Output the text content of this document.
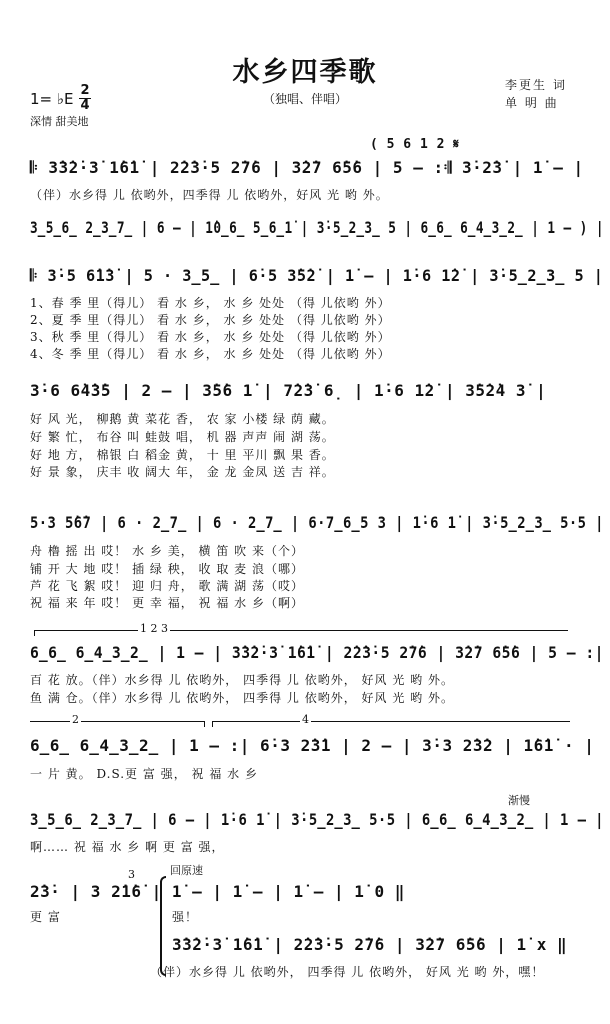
水乡四季歌
（独唱、伴唱）
李更生 词
单 明 曲
1= ♭E 2
4
深情 甜美地
( 5 6 1 2 𝄋
𝄆 3̇3̇2̇·3̇ 1̇6̇1̇ | 2̇2̇3̇·5 2̇7̇6 | 3̇2̇7 6̇5̇6 | 5 – :𝄇 3̇·2̇3̇ | 1̇ – |
（伴）水乡得 儿 依哟外，四季得 儿 依哟外，好风 光 哟 外。
3̲5̲6̲ 2̲3̲7̲ | 6 – | 1̇0̲6̲ 5̲6̲1̇ | 3̇·5̲2̲3̲ 5 | 6̲6̲ 6̲4̲3̲2̲ | 1 – ) |
𝄆 3̇·5 6̇1̇3̇ | 5 · 3̲5̲ | 6̇·5 3̇5̇2̇ | 1̇ – | 1̇·6 1̇2̇ | 3̇·5̲2̲3̲ 5 |
1、春 季 里（得儿） 看 水 乡， 水 乡 处处 （得 儿依哟 外）
2、夏 季 里（得儿） 看 水 乡， 水 乡 处处 （得 儿依哟 外）
3、秋 季 里（得儿） 看 水 乡， 水 乡 处处 （得 儿依哟 外）
4、冬 季 里（得儿） 看 水 乡， 水 乡 处处 （得 儿依哟 外）
3̇·6 6̇4̇3̇5 | 2 – | 3̇5̇6 1̇ | 7̇2̇3̇ 6̣ | 1̇·6 1̇2̇ | 3̇5̇2̇4 3̇ |
好 风 光， 柳鹅 黄 菜花 香， 农 家 小楼 绿 荫 藏。
好 繁 忙， 布谷 叫 蛙鼓 唱， 机 器 声声 闹 湖 荡。
好 地 方， 棉银 白 稻金 黄， 十 里 平川 飘 果 香。
好 景 象， 庆丰 收 阔大 年， 金 龙 金凤 送 吉 祥。
5·3 5̇6̇7 | 6 · 2̲7̲ | 6 · 2̲7̲ | 6·7̲6̲5 3 | 1̇·6 1̇ | 3̇·5̲2̲3̲ 5·5 |
舟 橹 摇 出 哎！ 水 乡 美， 横 笛 吹 来（个）
铺 开 大 地 哎！ 插 绿 秧， 收 取 麦 浪（哪）
芦 花 飞 絮 哎！ 迎 归 舟， 歌 满 湖 荡（哎）
祝 福 来 年 哎！ 更 幸 福， 祝 福 水 乡（啊）
1 2 3
6̲6̲ 6̲4̲3̲2̲ | 1 – | 3̇3̇2̇·3̇ 1̇6̇1̇ | 2̇2̇3̇·5 2̇7̇6 | 3̇2̇7 6̇5̇6 | 5 – :|
百 花 放。（伴）水乡得 儿 依哟外， 四季得 儿 依哟外， 好风 光 哟 外。
鱼 满 仓。（伴）水乡得 儿 依哟外， 四季得 儿 依哟外， 好风 光 哟 外。
2	4
6̲6̲ 6̲4̲3̲2̲ | 1 – :| 6̇·3 2̇3̇1 | 2 – | 3̇·3 2̇3̇2 | 1̇6̇1̇ · |
一 片 黄。 D.S.更 富 强， 祝 福 水 乡
渐慢
3̲5̲6̲ 2̲3̲7̲ | 6 – | 1̇·6 1̇ | 3̇·5̲2̲3̲ 5·5 | 6̲6̲ 6̲4̲3̲2̲ | 1 – |
啊…… 祝 福 水 乡 啊 更 富 强，
回原速
3
2̇3̇· | 3 2̇1̇6̇ | 1̇ – | 1̇ – | 1̇ – | 1̇ 0 ‖
更 富	强！
3̇3̇2̇·3̇ 1̇6̇1̇ | 2̇2̇3̇·5 2̇7̇6 | 3̇2̇7 6̇5̇6 | 1̇ x ‖
（伴）水乡得 儿 依哟外， 四季得 儿 依哟外， 好风 光 哟 外，嘿！
